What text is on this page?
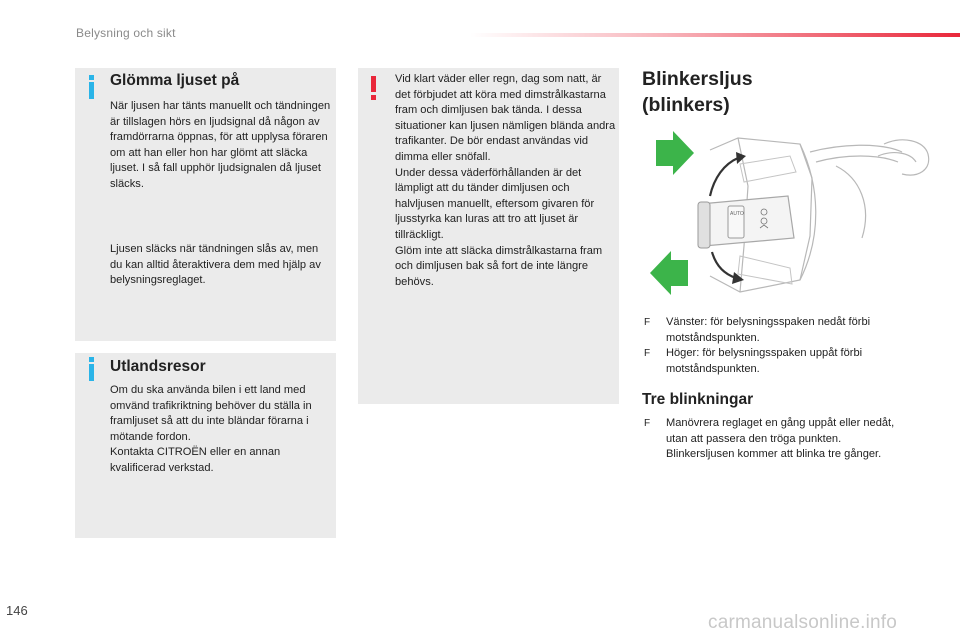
Belysning och sikt
Glömma ljuset på

När ljusen har tänts manuellt och tändningen är tillslagen hörs en ljudsignal då någon av framdörrarna öppnas, för att upplysa föraren om att han eller hon har glömt att släcka ljuset. I så fall upphör ljudsignalen då ljuset släcks.

Ljusen släcks när tändningen slås av, men du kan alltid återaktivera dem med hjälp av belysningsreglaget.

Utlandsresor

Om du ska använda bilen i ett land med omvänd trafikriktning behöver du ställa in framljuset så att du inte bländar förarna i mötande fordon.

Kontakta CITROËN eller en annan kvalificerad verkstad.

Vid klart väder eller regn, dag som natt, är det förbjudet att köra med dimstrålkastarna fram och dimljusen bak tända. I dessa situationer kan ljusen nämligen blända andra trafikanter. De bör endast användas vid dimma eller snöfall.

Under dessa väderförhållanden är det lämpligt att du tänder dimljusen och halvljusen manuellt, eftersom givaren för ljusstyrka kan luras att tro att ljuset är tillräckligt.

Glöm inte att släcka dimstrålkastarna fram och dimljusen bak så fort de inte längre behövs.

Blinkersljus
(blinkers)
AUTO
F Vänster: för belysningsspaken nedåt förbi motståndspunkten.
F Höger: för belysningsspaken uppåt förbi motståndspunkten.
Tre blinkningar
F Manövrera reglaget en gång uppåt eller nedåt, utan att passera den tröga punkten. Blinkersljusen kommer att blinka tre gånger.
146
carmanualsonline.info
